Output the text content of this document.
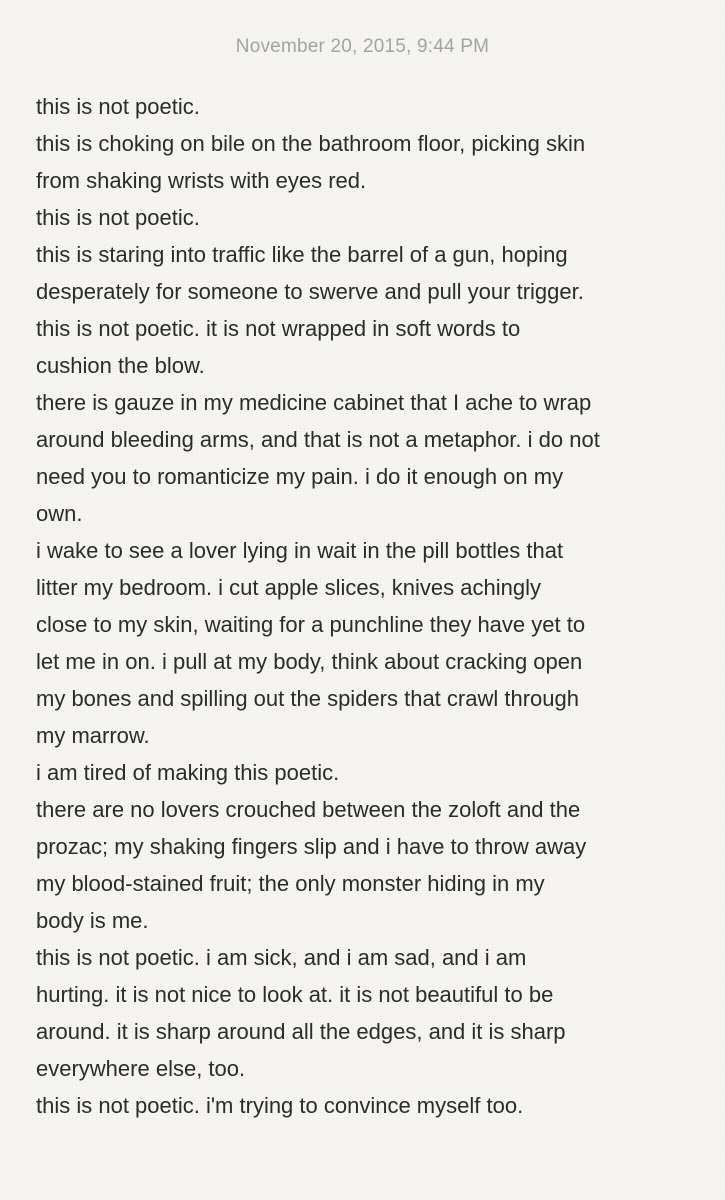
November 20, 2015, 9:44 PM
this is not poetic.
this is choking on bile on the bathroom floor, picking skin
from shaking wrists with eyes red.
this is not poetic.
this is staring into traffic like the barrel of a gun, hoping
desperately for someone to swerve and pull your trigger.
this is not poetic. it is not wrapped in soft words to
cushion the blow.
there is gauze in my medicine cabinet that I ache to wrap
around bleeding arms, and that is not a metaphor. i do not
need you to romanticize my pain. i do it enough on my
own.
i wake to see a lover lying in wait in the pill bottles that
litter my bedroom. i cut apple slices, knives achingly
close to my skin, waiting for a punchline they have yet to
let me in on. i pull at my body, think about cracking open
my bones and spilling out the spiders that crawl through
my marrow.
i am tired of making this poetic.
there are no lovers crouched between the zoloft and the
prozac; my shaking fingers slip and i have to throw away
my blood-stained fruit; the only monster hiding in my
body is me.
this is not poetic. i am sick, and i am sad, and i am
hurting. it is not nice to look at. it is not beautiful to be
around. it is sharp around all the edges, and it is sharp
everywhere else, too.
this is not poetic. i'm trying to convince myself too.
